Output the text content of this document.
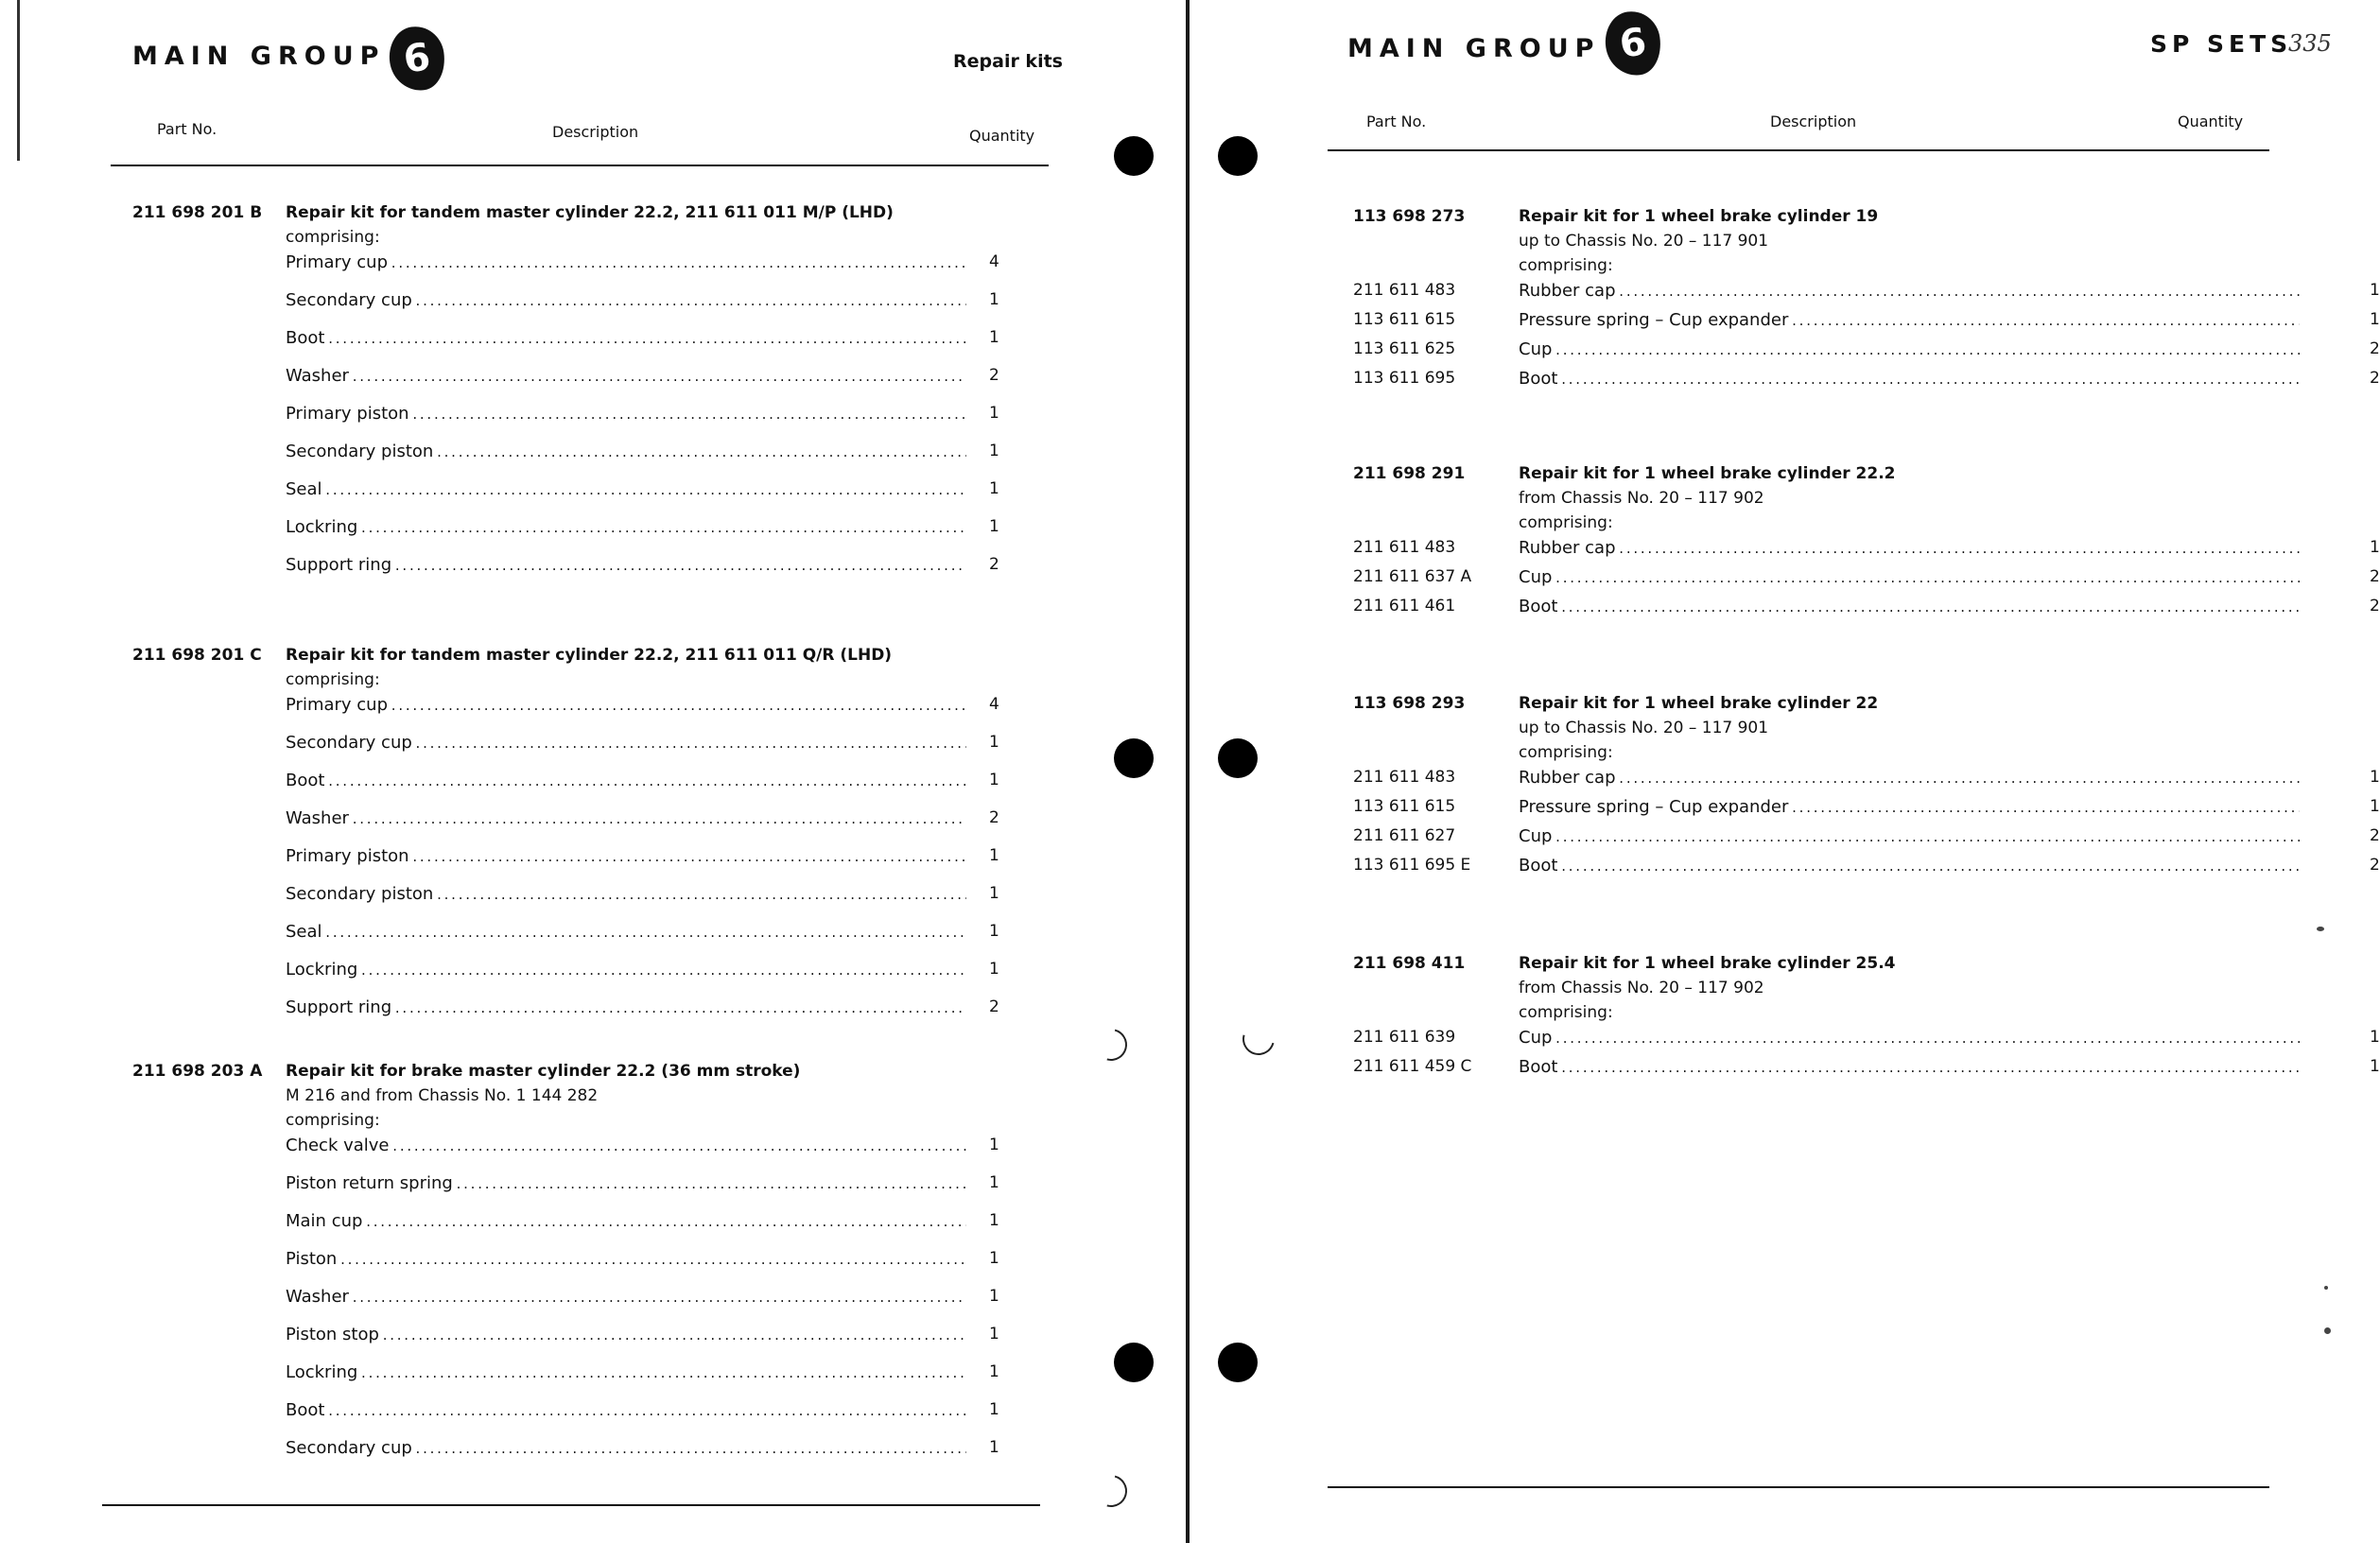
MAIN GROUP 6	Repair kits
Part No.	Description	Quantity
211 698 201 B Repair kit for tandem master cylinder 22.2, 211 611 011 M/P (LHD)
comprising:
Primary cup . . .	4
Secondary cup . . .	1
Boot . . .	1
Washer . . .	2
Primary piston . . .	1
Secondary piston . . .	1
Seal . . .	1
Lockring . . .	1
Support ring . . .	2
211 698 201 C Repair kit for tandem master cylinder 22.2, 211 611 011 Q/R (LHD)
comprising:
Primary cup . . .	4
Secondary cup . . .	1
Boot . . .	1
Washer . . .	2
Primary piston . . .	1
Secondary piston . . .	1
Seal . . .	1
Lockring . . .	1
Support ring . . .	2
211 698 203 A Repair kit for brake master cylinder 22.2 (36 mm stroke)
M 216 and from Chassis No. 1 144 282
comprising:
Check valve . . .	1
Piston return spring . . .	1
Main cup . . .	1
Piston . . .	1
Washer . . .	1
Piston stop . . .	1
Lockring . . .	1
Boot . . .	1
Secondary cup . . .	1
MAIN GROUP 6	SP SETS
335
Part No.	Description	Quantity
113 698 273	Repair kit for 1 wheel brake cylinder 19
up to Chassis No. 20 – 117 901
comprising:
211 611 483	Rubber cap . . .	1
113 611 615	Pressure spring – Cup expander . . .	1
113 611 625	Cup . . .	2
113 611 695	Boot . . .	2
211 698 291	Repair kit for 1 wheel brake cylinder 22.2
from Chassis No. 20 – 117 902
comprising:
211 611 483	Rubber cap . . .	1
211 611 637 A	Cup . . .	2
211 611 461	Boot . . .	2
113 698 293	Repair kit for 1 wheel brake cylinder 22
up to Chassis No. 20 – 117 901
comprising:
211 611 483	Rubber cap . . .	1
113 611 615	Pressure spring – Cup expander . . .	1
211 611 627	Cup . . .	2
113 611 695 E	Boot . . .	2
211 698 411	Repair kit for 1 wheel brake cylinder 25.4
from Chassis No. 20 – 117 902
comprising:
211 611 639	Cup . . .	1
211 611 459 C	Boot . . .	1
